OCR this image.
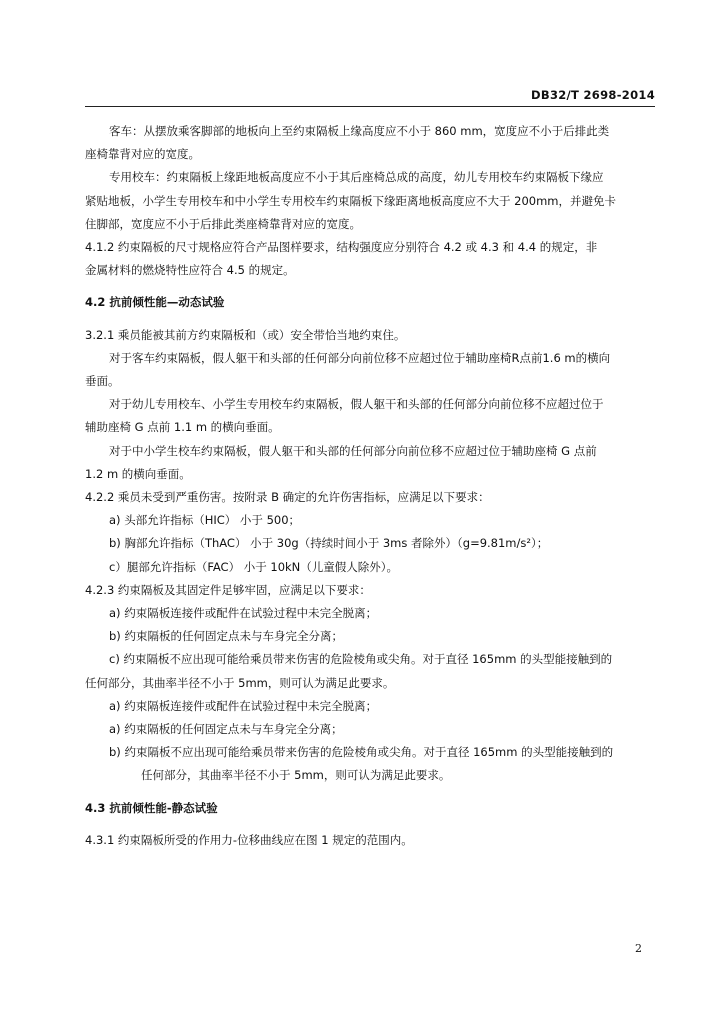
DB32/T 2698-2014
客车：从摆放乘客脚部的地板向上至约束隔板上缘高度应不小于 860 mm，宽度应不小于后排此类
座椅靠背对应的宽度。
专用校车：约束隔板上缘距地板高度应不小于其后座椅总成的高度，幼儿专用校车约束隔板下缘应
紧贴地板，小学生专用校车和中小学生专用校车约束隔板下缘距离地板高度应不大于 200mm，并避免卡
住脚部，宽度应不小于后排此类座椅靠背对应的宽度。
4.1.2 约束隔板的尺寸规格应符合产品图样要求，结构强度应分别符合 4.2 或 4.3 和 4.4 的规定，非
金属材料的燃烧特性应符合 4.5 的规定。
4.2 抗前倾性能—动态试验
3.2.1 乘员能被其前方约束隔板和（或）安全带恰当地约束住。
对于客车约束隔板，假人躯干和头部的任何部分向前位移不应超过位于辅助座椅R点前1.6 m的横向
垂面。
对于幼儿专用校车、小学生专用校车约束隔板，假人躯干和头部的任何部分向前位移不应超过位于
辅助座椅 G 点前 1.1 m 的横向垂面。
对于中小学生校车约束隔板，假人躯干和头部的任何部分向前位移不应超过位于辅助座椅 G 点前
1.2 m 的横向垂面。
4.2.2 乘员未受到严重伤害。按附录 B 确定的允许伤害指标，应满足以下要求：
a) 头部允许指标（HIC） 小于 500；
b) 胸部允许指标（ThAC） 小于 30g（持续时间小于 3ms 者除外）（g=9.81m/s²）；
c）腿部允许指标（FAC） 小于 10kN（儿童假人除外）。
4.2.3 约束隔板及其固定件足够牢固，应满足以下要求：
a) 约束隔板连接件或配件在试验过程中未完全脱离；
b) 约束隔板的任何固定点未与车身完全分离；
c) 约束隔板不应出现可能给乘员带来伤害的危险棱角或尖角。对于直径 165mm 的头型能接触到的
任何部分，其曲率半径不小于 5mm，则可认为满足此要求。
a) 约束隔板连接件或配件在试验过程中未完全脱离；
a) 约束隔板的任何固定点未与车身完全分离；
b) 约束隔板不应出现可能给乘员带来伤害的危险棱角或尖角。对于直径 165mm 的头型能接触到的
任何部分，其曲率半径不小于 5mm，则可认为满足此要求。
4.3 抗前倾性能-静态试验
4.3.1 约束隔板所受的作用力-位移曲线应在图 1 规定的范围内。
2
